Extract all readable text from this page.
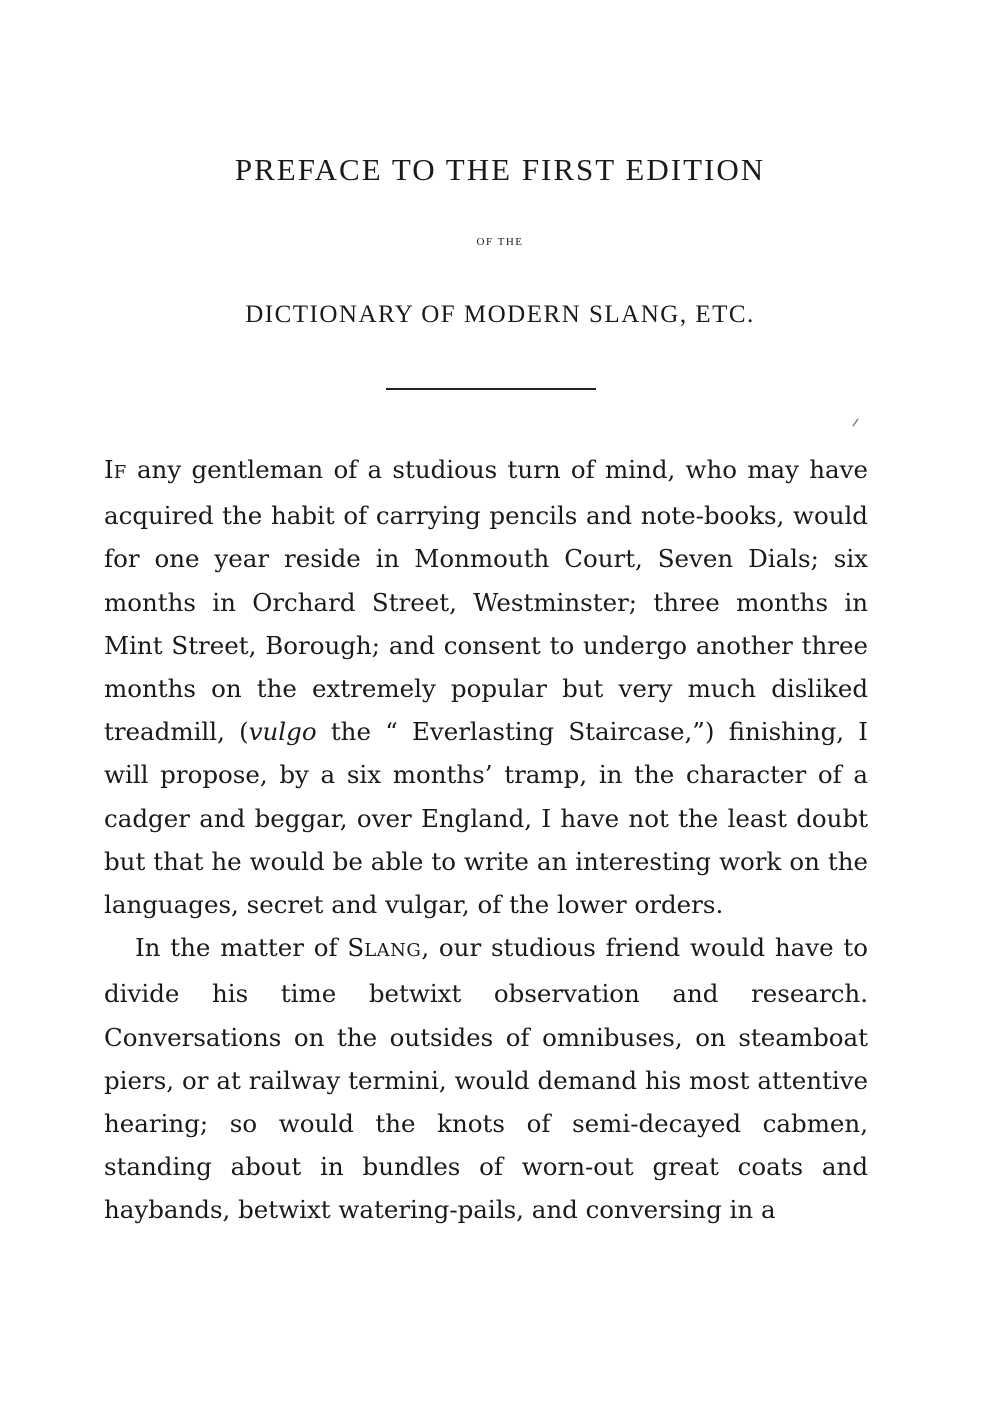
PREFACE TO THE FIRST EDITION
OF THE
DICTIONARY OF MODERN SLANG, ETC.

IF any gentleman of a studious turn of mind, who may have acquired the habit of carrying pencils and note-books, would for one year reside in Monmouth Court, Seven Dials; six months in Orchard Street, Westminster; three months in Mint Street, Borough; and consent to undergo another three months on the extremely popular but very much disliked treadmill, (vulgo the “ Everlasting Staircase,”) finishing, I will propose, by a six months’ tramp, in the character of a cadger and beggar, over England, I have not the least doubt but that he would be able to write an interesting work on the languages, secret and vulgar, of the lower orders.

In the matter of SLANG, our studious friend would have to divide his time betwixt observation and research. Conversations on the outsides of omnibuses, on steamboat piers, or at railway termini, would demand his most attentive hearing; so would the knots of semi-decayed cabmen, standing about in bundles of worn-out great coats and haybands, betwixt watering-pails, and conversing in a
